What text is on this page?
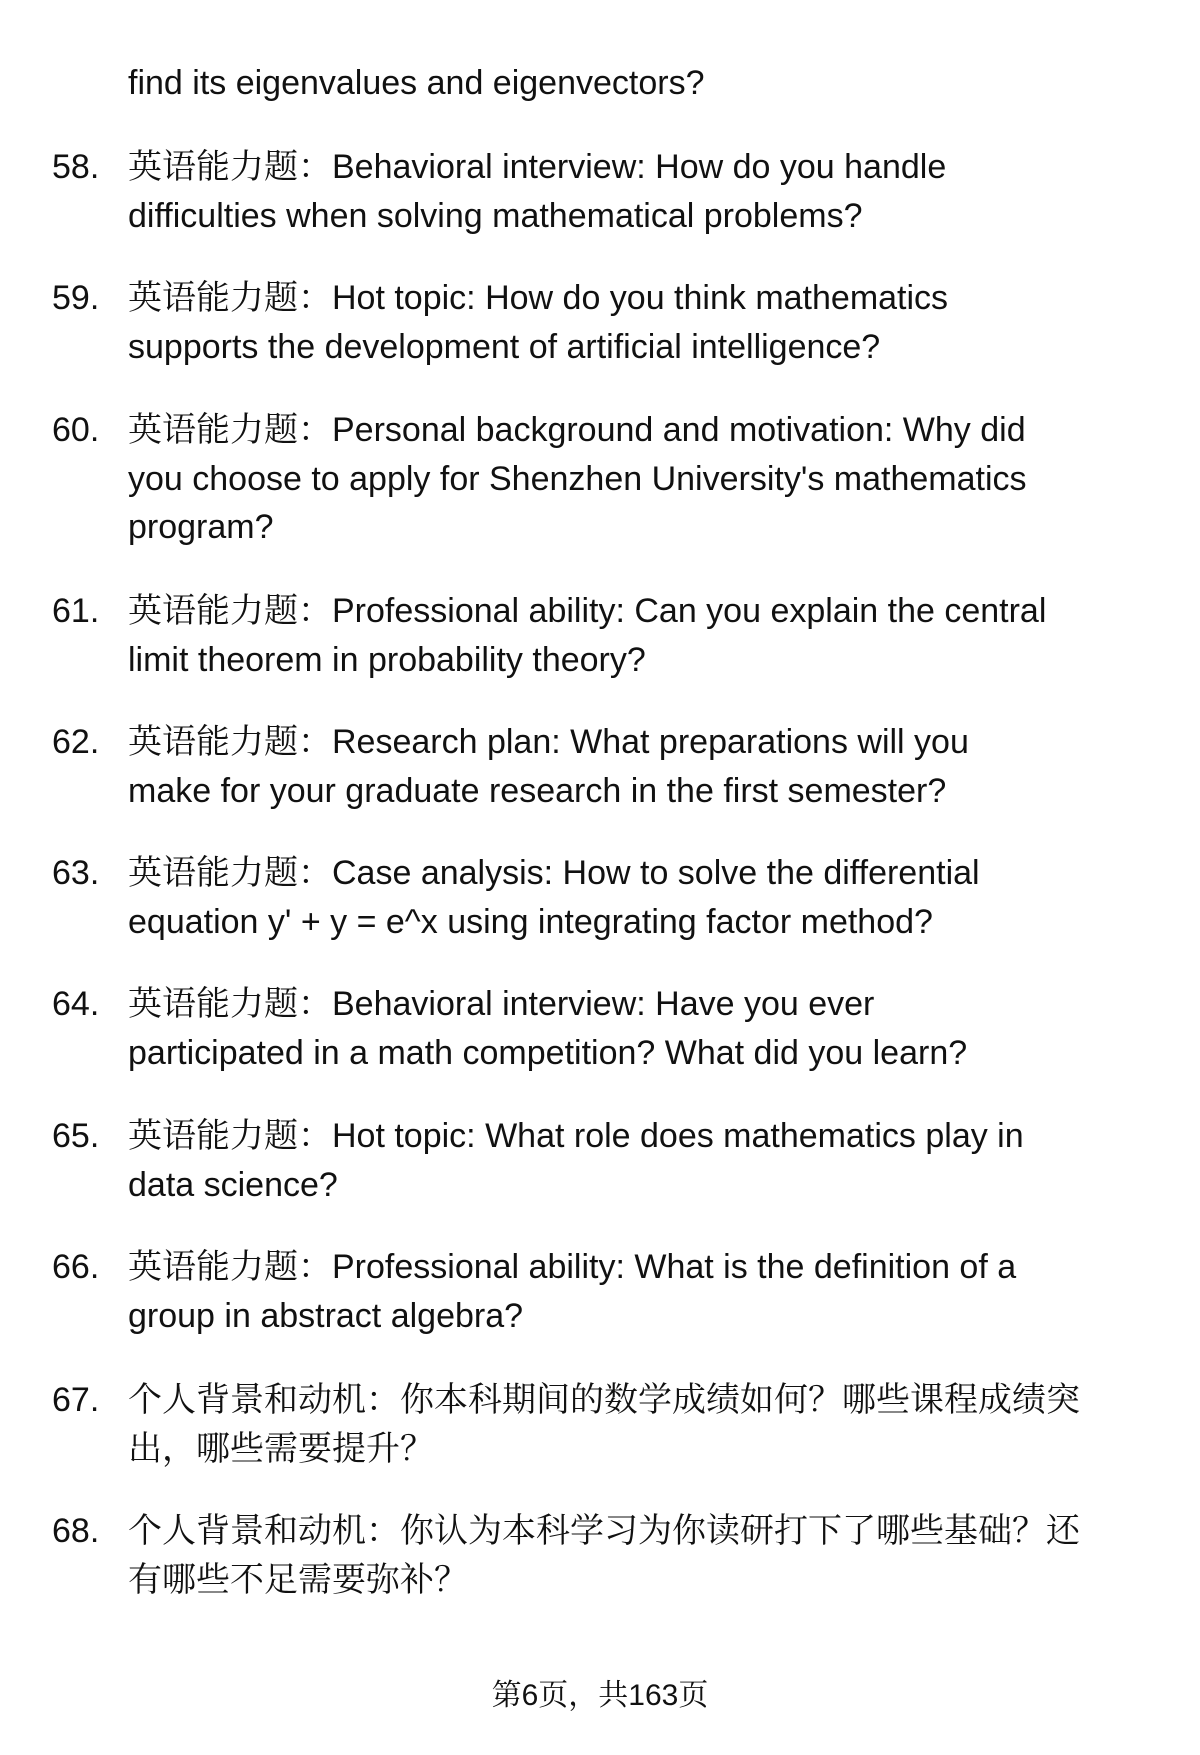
find its eigenvalues and eigenvectors?
58. 英语能力题：Behavioral interview: How do you handle
difficulties when solving mathematical problems?
59. 英语能力题：Hot topic: How do you think mathematics
supports the development of artificial intelligence?
60. 英语能力题：Personal background and motivation: Why did
you choose to apply for Shenzhen University's mathematics
program?
61. 英语能力题：Professional ability: Can you explain the central
limit theorem in probability theory?
62. 英语能力题：Research plan: What preparations will you
make for your graduate research in the first semester?
63. 英语能力题：Case analysis: How to solve the differential
equation y' + y = e^x using integrating factor method?
64. 英语能力题：Behavioral interview: Have you ever
participated in a math competition? What did you learn?
65. 英语能力题：Hot topic: What role does mathematics play in
data science?
66. 英语能力题：Professional ability: What is the definition of a
group in abstract algebra?
67. 个人背景和动机：你本科期间的数学成绩如何？哪些课程成绩突
出，哪些需要提升？
68. 个人背景和动机：你认为本科学习为你读研打下了哪些基础？还
有哪些不足需要弥补？
第6页，共163页
